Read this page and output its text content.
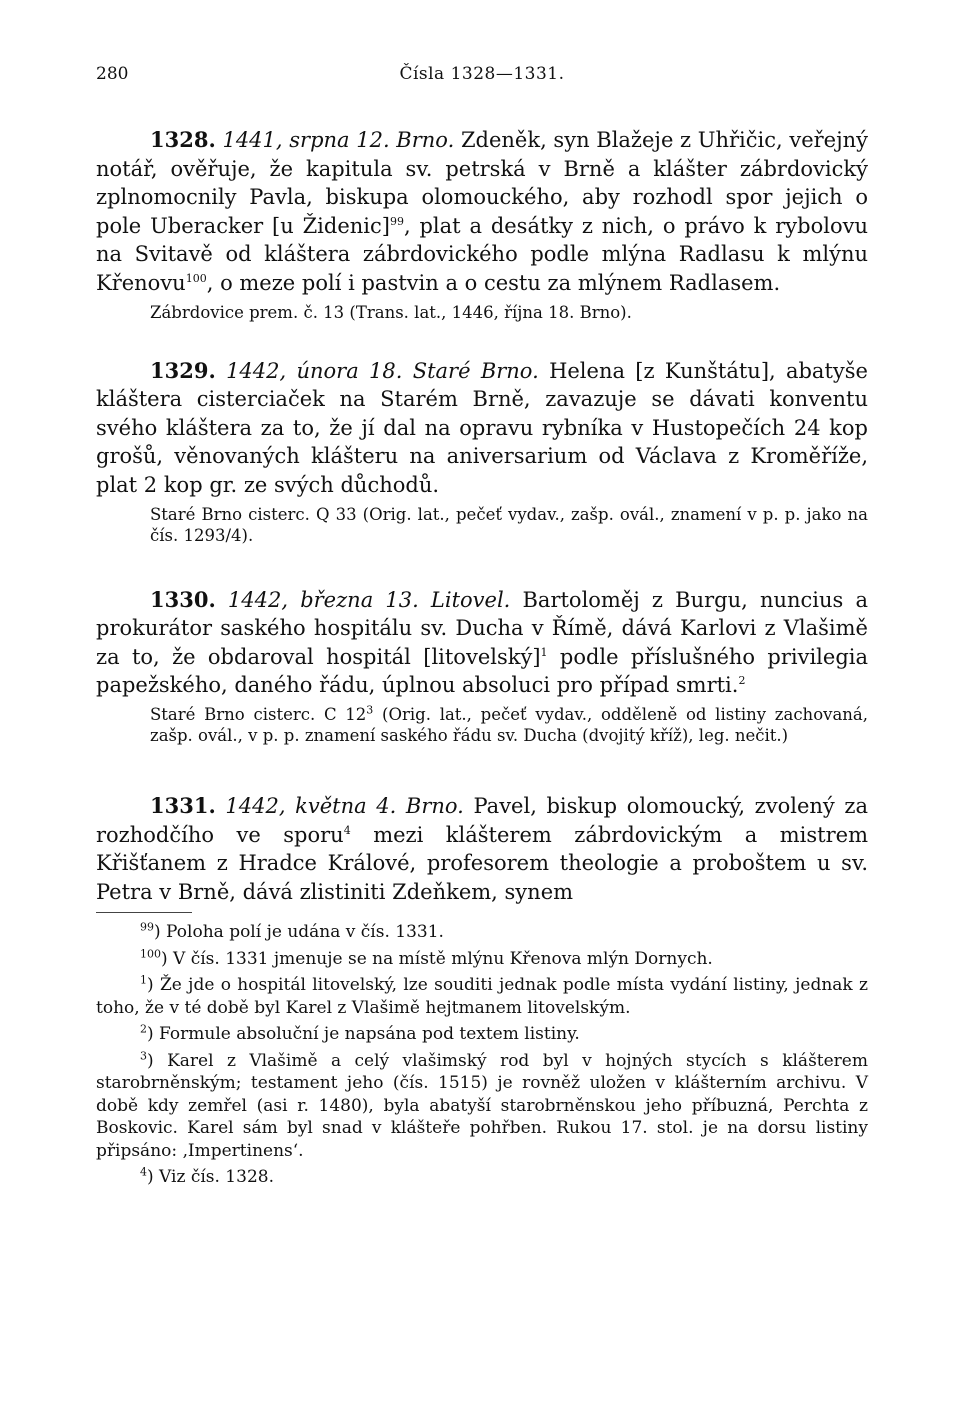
280	Čísla 1328—1331.

1328. 1441, srpna 12. Brno. Zdeněk, syn Blažeje z Uhřičic, veřejný notář, ověřuje, že kapitula sv. petrská v Brně a klášter zábrdovický zplnomocnily Pavla, biskupa olomouckého, aby rozhodl spor jejich o pole Uberacker [u Židenic]$^{99}$, plat a desátky z nich, o právo k rybolovu na Svitavě od kláštera zábrdovického podle mlýna Radlasu k mlýnu Křenovu$^{100}$, o meze polí i pastvin a o cestu za mlýnem Radlasem.

Zábrdovice prem. č. 13 (Trans. lat., 1446, října 18. Brno).

1329. 1442, února 18. Staré Brno. Helena [z Kunštátu], abatyše kláštera cisterciaček na Starém Brně, zavazuje se dávati konventu svého kláštera za to, že jí dal na opravu rybníka v Hustopečích 24 kop grošů, věnovaných klášteru na aniversarium od Václava z Kroměříže, plat 2 kop gr. ze svých důchodů.

Staré Brno cisterc. Q 33 (Orig. lat., pečeť vydav., zašp. ovál., znamení v p. p. jako na čís. 1293/4).

1330. 1442, března 13. Litovel. Bartoloměj z Burgu, nuncius a prokurátor saského hospitálu sv. Ducha v Římě, dává Karlovi z Vlašimě za to, že obdaroval hospitál [litovelský]$^1$ podle příslušného privilegia papežského, daného řádu, úplnou absoluci pro případ smrti.$^2$

Staré Brno cisterc. C $12^3$ (Orig. lat., pečeť vydav., odděleně od listiny zachovaná, zašp. ovál., v p. p. znamení saského řádu sv. Ducha (dvojitý kříž), leg. nečit.)

1331. 1442, května 4. Brno. Pavel, biskup olomoucký, zvolený za rozhodčího ve sporu$^4$ mezi klášterem zábrdovickým a mistrem Křišťanem z Hradce Králové, profesorem theologie a proboštem u sv. Petra v Brně, dává zlistiniti Zdeňkem, synem

$^{99}$) Poloha polí je udána v čís. 1331.

$^{100}$) V čís. 1331 jmenuje se na místě mlýnu Křenova mlýn Dornych.

$^1$) Že jde o hospitál litovelský, lze souditi jednak podle místa vydání listiny, jednak z toho, že v té době byl Karel z Vlašimě hejtmanem litovelským.

$^2$) Formule absoluční je napsána pod textem listiny.

$^3$) Karel z Vlašimě a celý vlašimský rod byl v hojných stycích s klášterem starobrněnským; testament jeho (čís. 1515) je rovněž uložen v klášterním archivu. V době kdy zemřel (asi r. 1480), byla abatyší starobrněnskou jeho příbuzná, Perchta z Boskovic. Karel sám byl snad v klášteře pohřben. Rukou 17. stol. je na dorsu listiny připsáno: ‚Impertinens‘.

$^4$) Viz čís. 1328.
